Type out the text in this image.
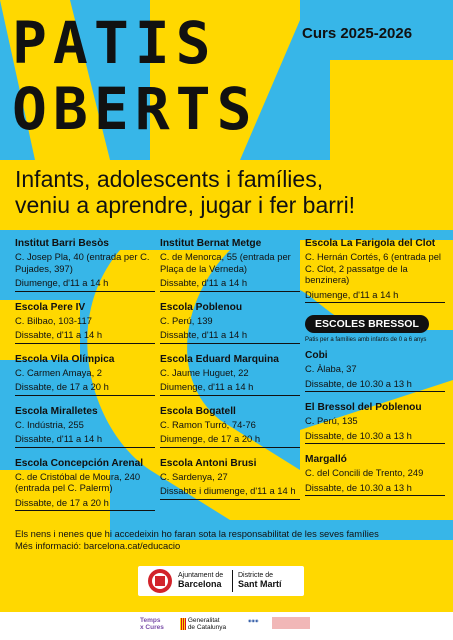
PATIS
OBERTS
Curs 2025-2026
Infants, adolescents i famílies,
veniu a aprendre, jugar i fer barri!
Institut Barri Besòs
C. Josep Pla, 40 (entrada per C. Pujades, 397)
Diumenge, d'11 a 14 h
Escola Pere IV
C. Bilbao, 103-117
Dissabte, d'11 a 14 h
Escola Vila Olímpica
C. Carmen Amaya, 2
Dissabte, de 17 a 20 h
Escola Miralletes
C. Indústria, 255
Dissabte, d'11 a 14 h
Escola Concepción Arenal
C. de Cristóbal de Moura, 240 (entrada pel C. Palerm)
Dissabte, de 17 a 20 h
Institut Bernat Metge
C. de Menorca, 55 (entrada per Plaça de la Verneda)
Dissabte, d'11 a 14 h
Escola Poblenou
C. Perú, 139
Dissabte, d'11 a 14 h
Escola Eduard Marquina
C. Jaume Huguet, 22
Diumenge, d'11 a 14 h
Escola Bogatell
C. Ramon Turró, 74-76
Diumenge, de 17 a 20 h
Escola Antoni Brusi
C. Sardenya, 27
Dissabte i diumenge, d'11 a 14 h
Escola La Farigola del Clot
C. Hernán Cortés, 6 (entrada pel C. Clot, 2 passatge de la benzinera)
Diumenge, d'11 a 14 h
ESCOLES BRESSOL
Patis per a famílies amb infants de 0 a 6 anys
Cobi
C. Àlaba, 37
Dissabte, de 10.30 a 13 h
El Bressol del Poblenou
C. Perú, 135
Dissabte, de 10.30 a 13 h
Margalló
C. del Concili de Trento, 249
Dissabte, de 10.30 a 13 h
Els nens i nenes que hi accedeixin ho faran sota la responsabilitat de les seves famílies
Més informació: barcelona.cat/educacio
Ajuntament de
Barcelona
Districte de
Sant Martí
Temps
x Cures

Generalitat
de Catalunya
◉◉◉
